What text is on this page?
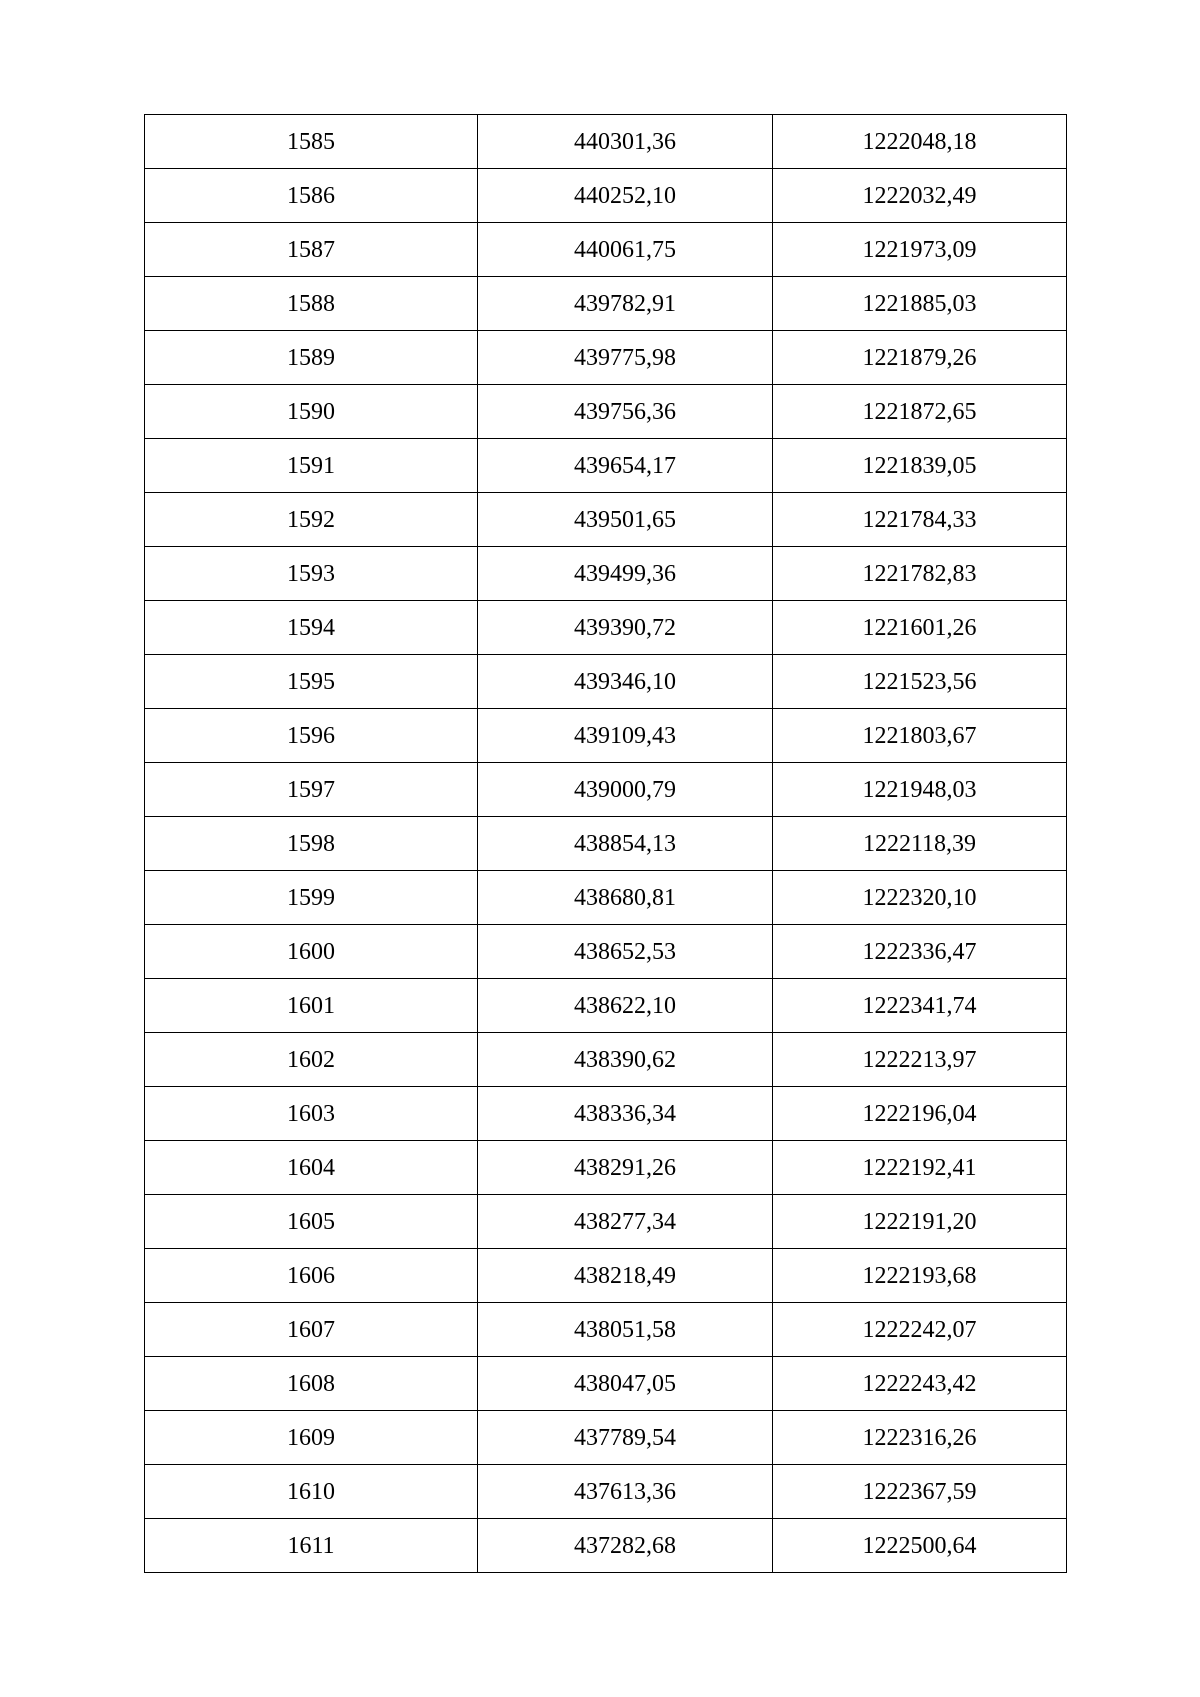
1585	440301,36	1222048,18
1586	440252,10	1222032,49
1587	440061,75	1221973,09
1588	439782,91	1221885,03
1589	439775,98	1221879,26
1590	439756,36	1221872,65
1591	439654,17	1221839,05
1592	439501,65	1221784,33
1593	439499,36	1221782,83
1594	439390,72	1221601,26
1595	439346,10	1221523,56
1596	439109,43	1221803,67
1597	439000,79	1221948,03
1598	438854,13	1222118,39
1599	438680,81	1222320,10
1600	438652,53	1222336,47
1601	438622,10	1222341,74
1602	438390,62	1222213,97
1603	438336,34	1222196,04
1604	438291,26	1222192,41
1605	438277,34	1222191,20
1606	438218,49	1222193,68
1607	438051,58	1222242,07
1608	438047,05	1222243,42
1609	437789,54	1222316,26
1610	437613,36	1222367,59
1611	437282,68	1222500,64
